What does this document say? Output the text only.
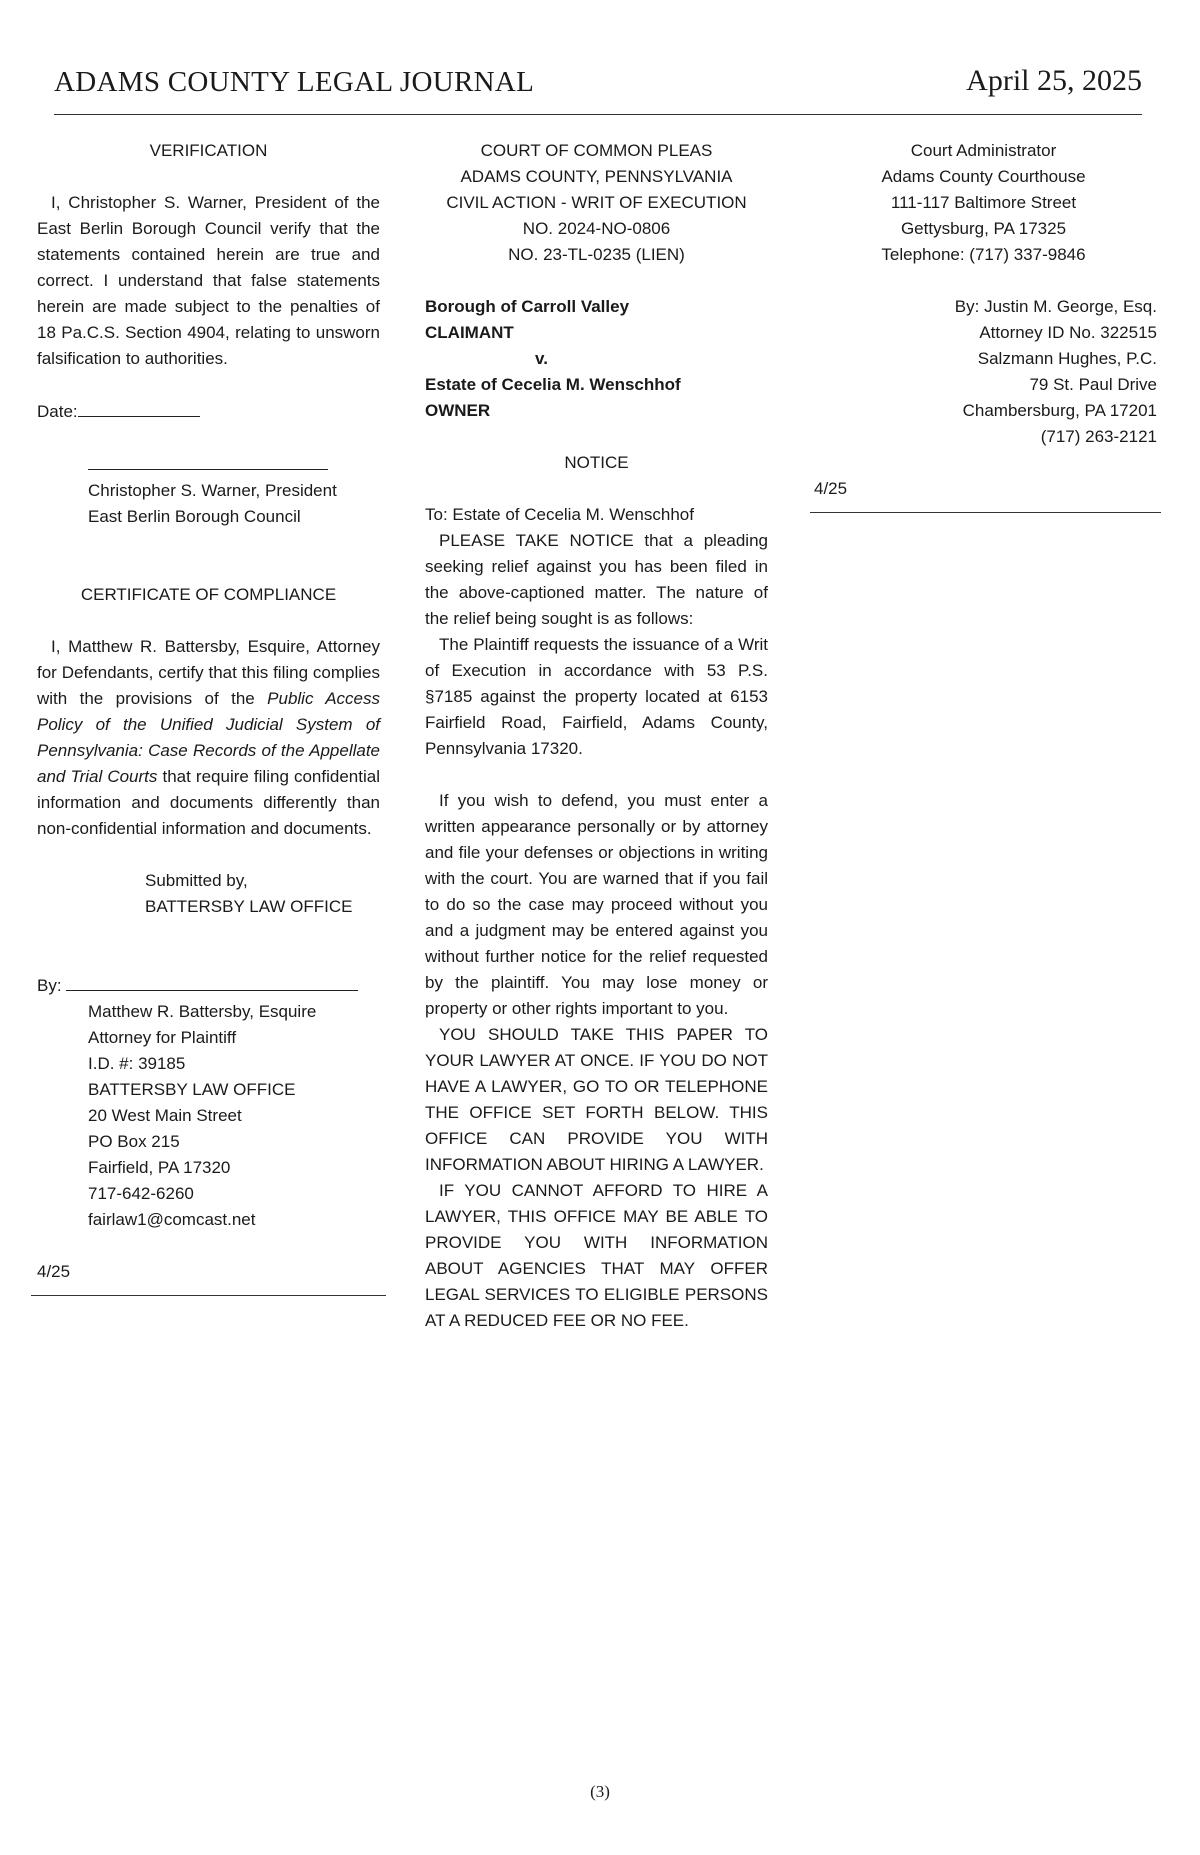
ADAMS COUNTY LEGAL JOURNAL	April 25, 2025
VERIFICATION
I, Christopher S. Warner, President of the East Berlin Borough Council verify that the statements contained herein are true and correct. I understand that false statements herein are made subject to the penalties of 18 Pa.C.S. Section 4904, relating to unsworn falsification to authorities.
Date:
Christopher S. Warner, President
East Berlin Borough Council
CERTIFICATE OF COMPLIANCE
I, Matthew R. Battersby, Esquire, Attorney for Defendants, certify that this filing complies with the provisions of the Public Access Policy of the Unified Judicial System of Pennsylvania: Case Records of the Appellate and Trial Courts that require filing confidential information and documents differently than non-confidential information and documents.
Submitted by,
BATTERSBY LAW OFFICE
By:
Matthew R. Battersby, Esquire
Attorney for Plaintiff
I.D. #: 39185
BATTERSBY LAW OFFICE
20 West Main Street
PO Box 215
Fairfield, PA 17320
717-642-6260
fairlaw1@comcast.net
4/25
COURT OF COMMON PLEAS
ADAMS COUNTY, PENNSYLVANIA
CIVIL ACTION - WRIT OF EXECUTION
NO. 2024-NO-0806
NO. 23-TL-0235 (LIEN)
Borough of Carroll Valley
CLAIMANT
v.
Estate of Cecelia M. Wenschhof
OWNER
NOTICE
To: Estate of Cecelia M. Wenschhof
PLEASE TAKE NOTICE that a pleading seeking relief against you has been filed in the above-captioned matter. The nature of the relief being sought is as follows:
The Plaintiff requests the issuance of a Writ of Execution in accordance with 53 P.S. §7185 against the property located at 6153 Fairfield Road, Fairfield, Adams County, Pennsylvania 17320.
If you wish to defend, you must enter a written appearance personally or by attorney and file your defenses or objections in writing with the court. You are warned that if you fail to do so the case may proceed without you and a judgment may be entered against you without further notice for the relief requested by the plaintiff. You may lose money or property or other rights important to you.
YOU SHOULD TAKE THIS PAPER TO YOUR LAWYER AT ONCE. IF YOU DO NOT HAVE A LAWYER, GO TO OR TELEPHONE THE OFFICE SET FORTH BELOW. THIS OFFICE CAN PROVIDE YOU WITH INFORMATION ABOUT HIRING A LAWYER.
IF YOU CANNOT AFFORD TO HIRE A LAWYER, THIS OFFICE MAY BE ABLE TO PROVIDE YOU WITH INFORMATION ABOUT AGENCIES THAT MAY OFFER LEGAL SERVICES TO ELIGIBLE PERSONS AT A REDUCED FEE OR NO FEE.
Court Administrator
Adams County Courthouse
111-117 Baltimore Street
Gettysburg, PA 17325
Telephone: (717) 337-9846
By: Justin M. George, Esq.
Attorney ID No. 322515
Salzmann Hughes, P.C.
79 St. Paul Drive
Chambersburg, PA 17201
(717) 263-2121
4/25
(3)
